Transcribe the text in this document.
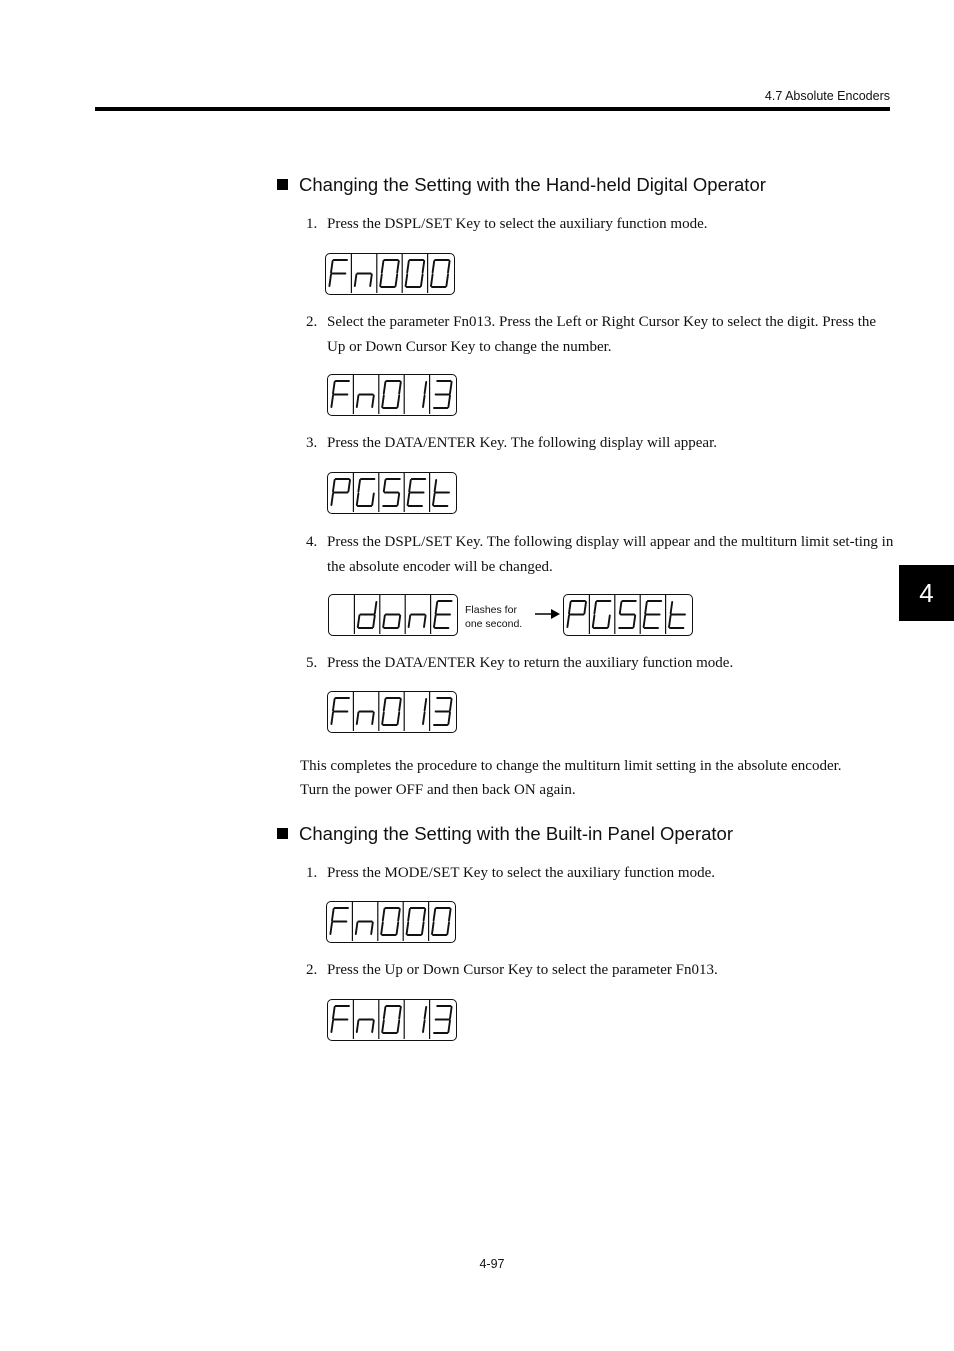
4.7 Absolute Encoders
Changing the Setting with the Hand-held Digital Operator
1. Press the DSPL/SET Key to select the auxiliary function mode.
2. Select the parameter Fn013. Press the Left or Right Cursor Key to select the digit. Press the Up or Down Cursor Key to change the number.
3. Press the DATA/ENTER Key. The following display will appear.
4. Press the DSPL/SET Key. The following display will appear and the multiturn limit set-ting in the absolute encoder will be changed.
Flashes for
one second.
5. Press the DATA/ENTER Key to return the auxiliary function mode.
This completes the procedure to change the multiturn limit setting in the absolute encoder.
Turn the power OFF and then back ON again.
Changing the Setting with the Built-in Panel Operator
1. Press the MODE/SET Key to select the auxiliary function mode.
2. Press the Up or Down Cursor Key to select the parameter Fn013.
4
4-97
